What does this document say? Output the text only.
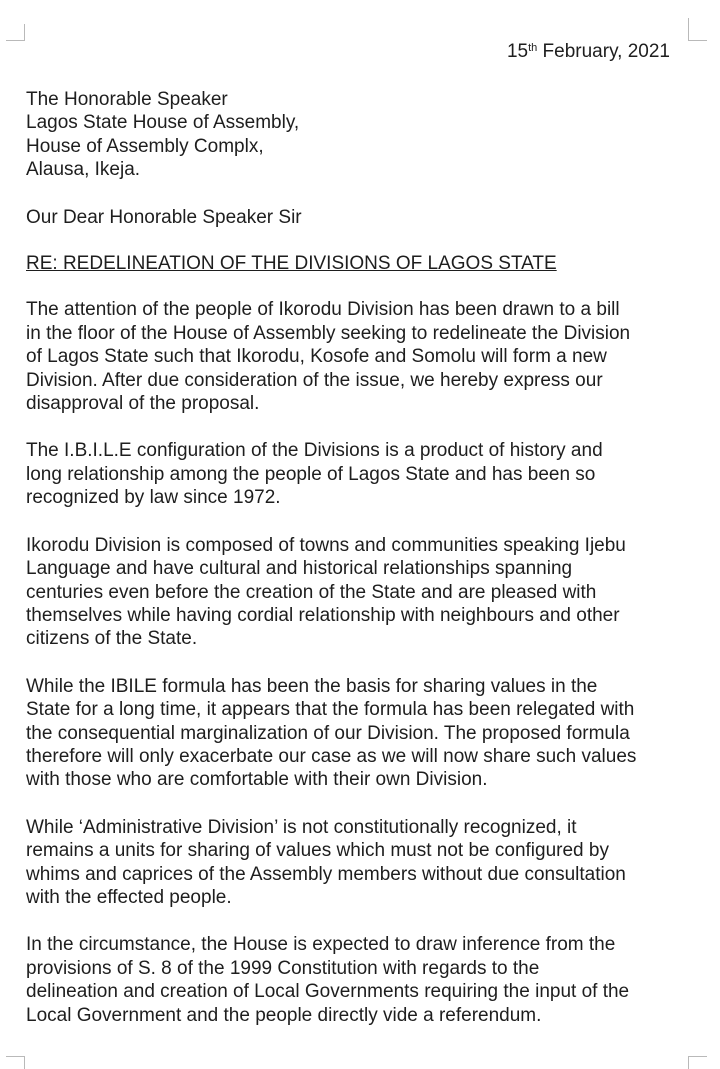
15th February, 2021
The Honorable Speaker
Lagos State House of Assembly,
House of Assembly Complx,
Alausa, Ikeja.
Our Dear Honorable Speaker Sir
RE: REDELINEATION OF THE DIVISIONS OF LAGOS STATE
The attention of the people of Ikorodu Division has been drawn to a bill
in the floor of the House of Assembly seeking to redelineate the Division
of Lagos State such that Ikorodu, Kosofe and Somolu will form a new
Division. After due consideration of the issue, we hereby express our
disapproval of the proposal.
The I.B.I.L.E configuration of the Divisions is a product of history and
long relationship among the people of Lagos State and has been so
recognized by law since 1972.
Ikorodu Division is composed of towns and communities speaking Ijebu
Language and have cultural and historical relationships spanning
centuries even before the creation of the State and are pleased with
themselves while having cordial relationship with neighbours and other
citizens of the State.
While the IBILE formula has been the basis for sharing values in the
State for a long time, it appears that the formula has been relegated with
the consequential marginalization of our Division. The proposed formula
therefore will only exacerbate our case as we will now share such values
with those who are comfortable with their own Division.
While ‘Administrative Division’ is not constitutionally recognized, it
remains a units for sharing of values which must not be configured by
whims and caprices of the Assembly members without due consultation
with the effected people.
In the circumstance, the House is expected to draw inference from the
provisions of S. 8 of the 1999 Constitution with regards to the
delineation and creation of Local Governments requiring the input of the
Local Government and the people directly vide a referendum.
